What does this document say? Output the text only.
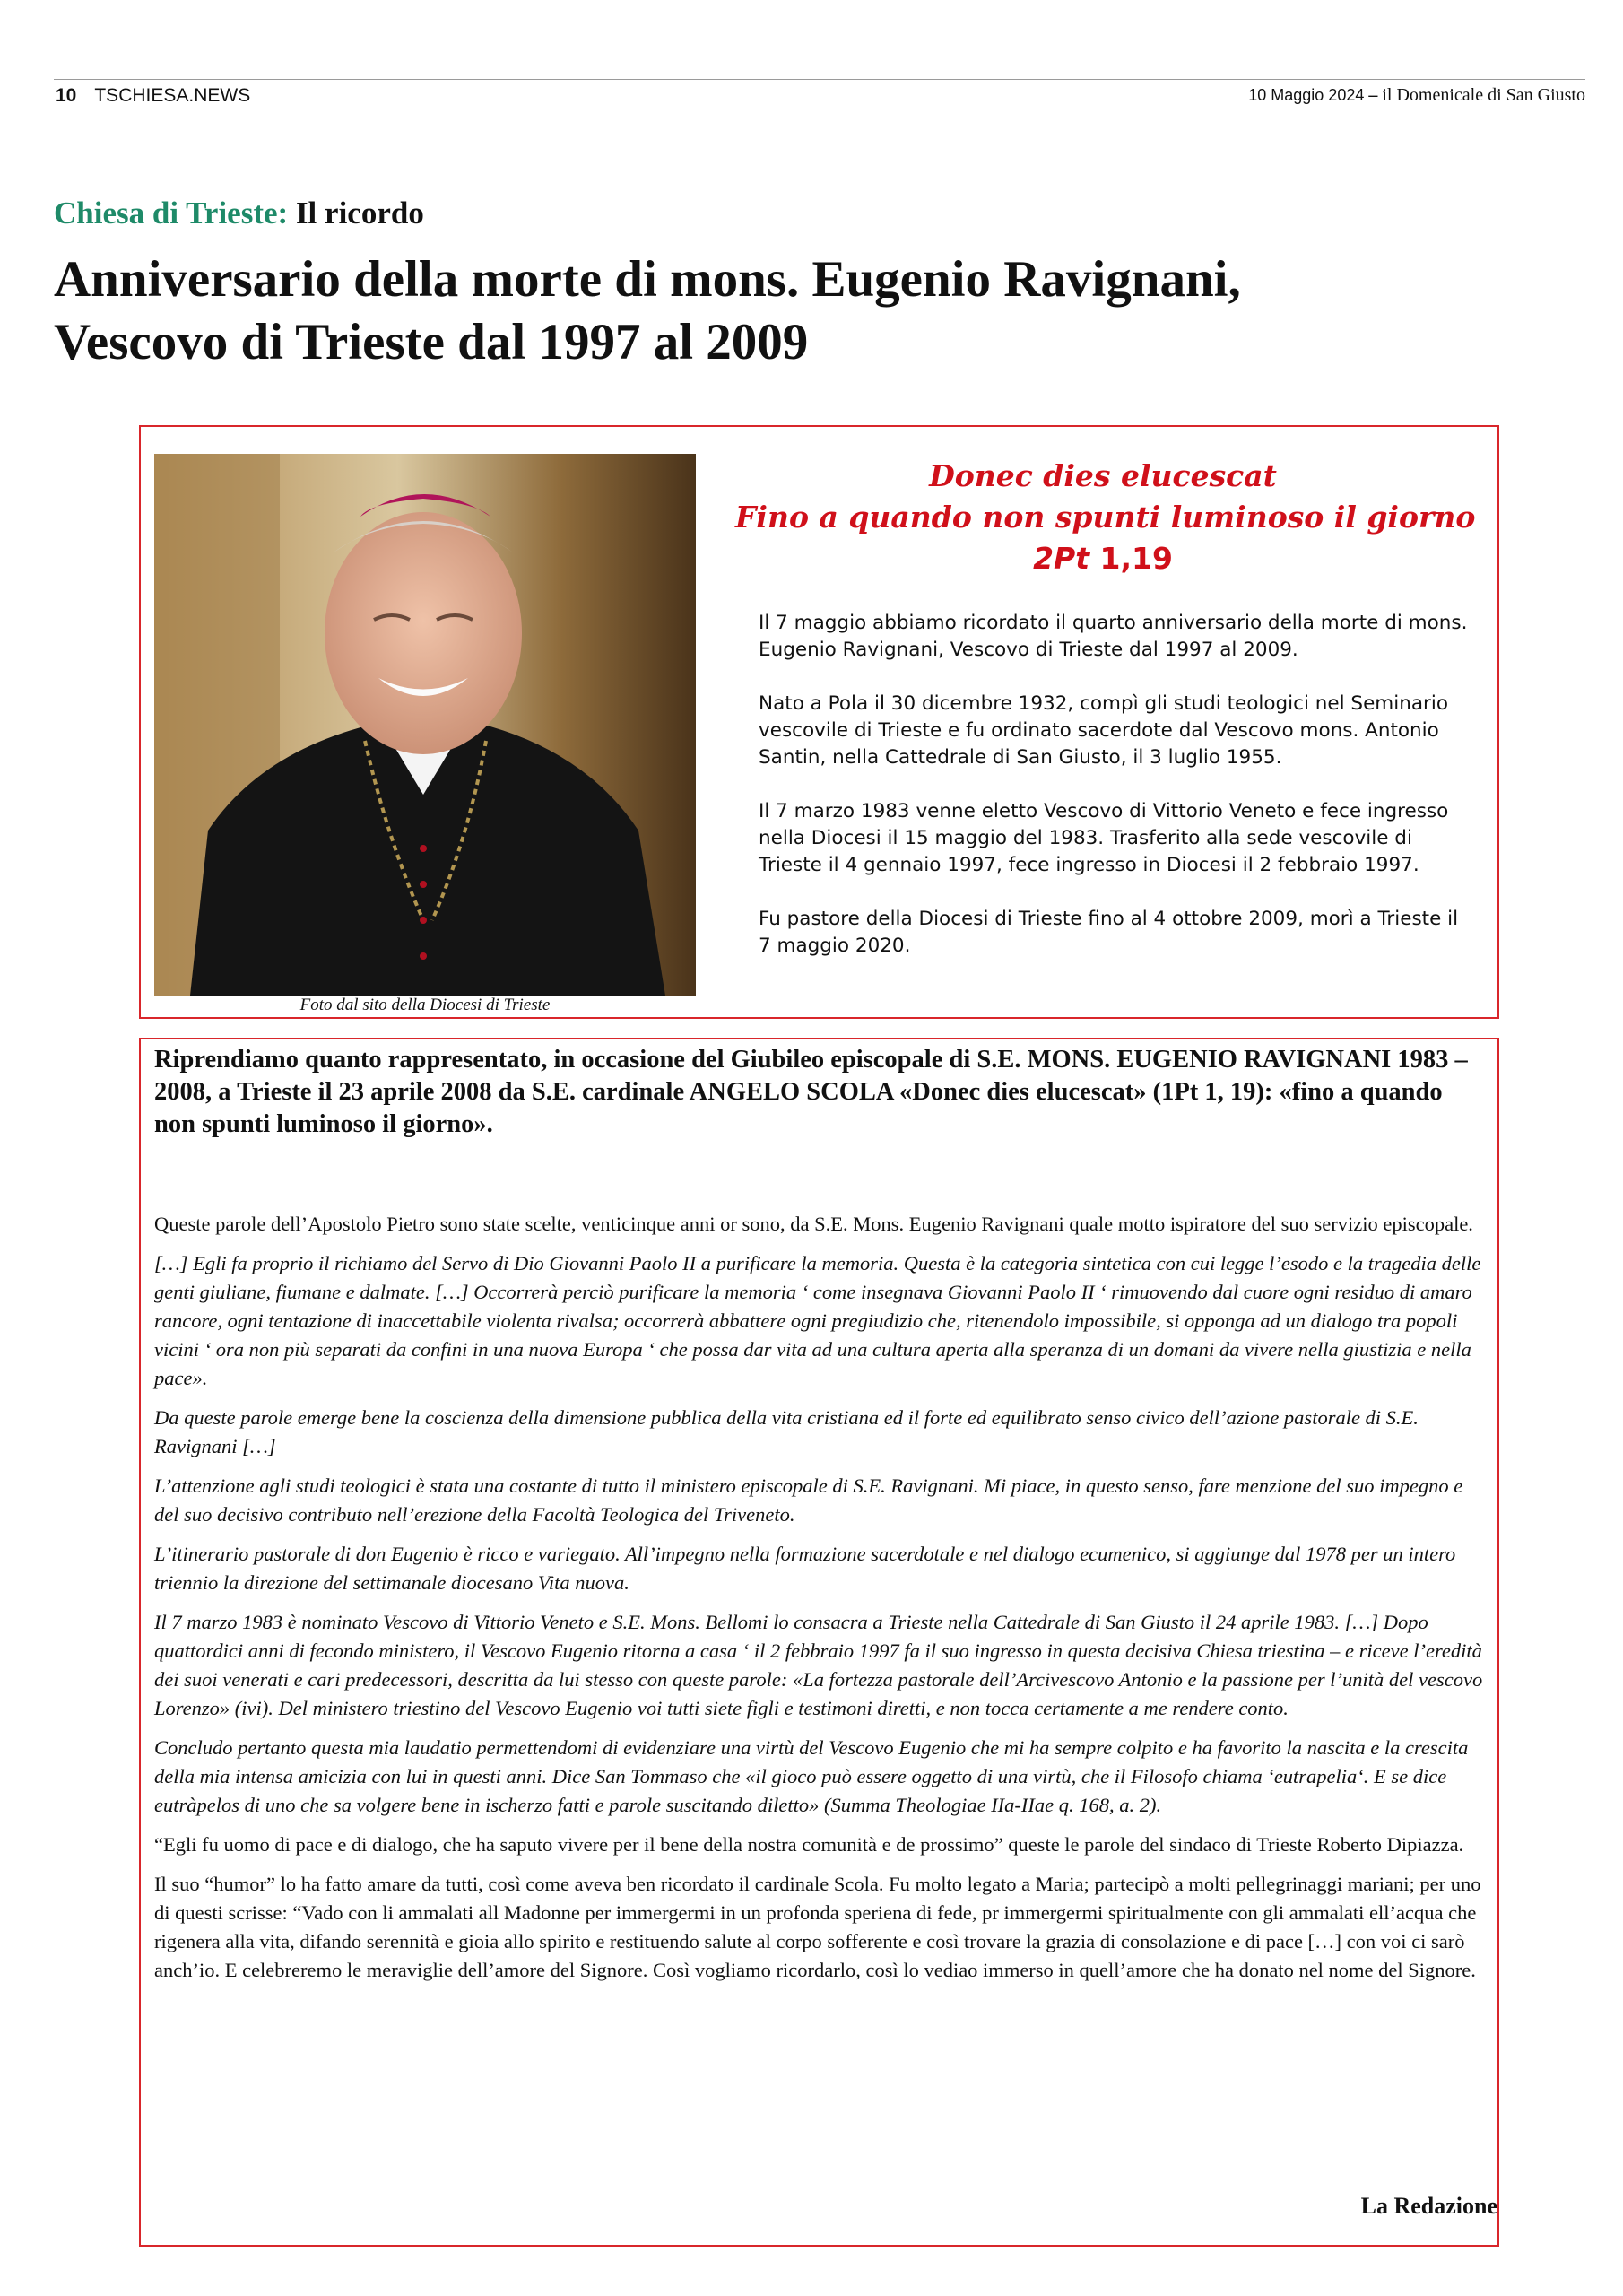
10 TSCHIESA.NEWS	10 Maggio 2024 – il Domenicale di San Giusto
Chiesa di Trieste: Il ricordo
Anniversario della morte di mons. Eugenio Ravignani,
Vescovo di Trieste dal 1997 al 2009
Foto dal sito della Diocesi di Trieste
Donec dies elucescat
Fino a quando non spunti luminoso il giorno
2Pt 1,19

Il 7 maggio abbiamo ricordato il quarto anniversario della morte di mons. Eugenio Ravignani, Vescovo di Trieste dal 1997 al 2009.

Nato a Pola il 30 dicembre 1932, compì gli studi teologici nel Seminario vescovile di Trieste e fu ordinato sacerdote dal Vescovo mons. Antonio Santin, nella Cattedrale di San Giusto, il 3 luglio 1955.

Il 7 marzo 1983 venne eletto Vescovo di Vittorio Veneto e fece ingresso nella Diocesi il 15 maggio del 1983. Trasferito alla sede vescovile di Trieste il 4 gennaio 1997, fece ingresso in Diocesi il 2 febbraio 1997.

Fu pastore della Diocesi di Trieste fino al 4 ottobre 2009, morì a Trieste il 7 maggio 2020.

Riprendiamo quanto rappresentato, in occasione del Giubileo episcopale di S.E. MONS. EUGENIO RAVIGNANI 1983 – 2008, a Trieste il 23 aprile 2008 da S.E. cardinale ANGELO SCOLA «Donec dies elucescat» (1Pt 1, 19): «fino a quando non spunti luminoso il giorno».

Queste parole dell’Apostolo Pietro sono state scelte, venticinque anni or sono, da S.E. Mons. Eugenio Ravignani quale motto ispiratore del suo servizio episcopale.

[…] Egli fa proprio il richiamo del Servo di Dio Giovanni Paolo II a purificare la memoria. Questa è la categoria sintetica con cui legge l’esodo e la tragedia delle genti giuliane, fiumane e dalmate. […] Occorrerà perciò purificare la memoria ‘ come insegnava Giovanni Paolo II ‘ rimuovendo dal cuore ogni residuo di amaro rancore, ogni tentazione di inaccettabile violenta rivalsa; occorrerà abbattere ogni pregiudizio che, ritenendolo impossibile, si opponga ad un dialogo tra popoli vicini ‘ ora non più separati da confini in una nuova Europa ‘ che possa dar vita ad una cultura aperta alla speranza di un domani da vivere nella giustizia e nella pace».

Da queste parole emerge bene la coscienza della dimensione pubblica della vita cristiana ed il forte ed equilibrato senso civico dell’azione pastorale di S.E. Ravignani […]

L’attenzione agli studi teologici è stata una costante di tutto il ministero episcopale di S.E. Ravignani. Mi piace, in questo senso, fare menzione del suo impegno e del suo decisivo contributo nell’erezione della Facoltà Teologica del Triveneto.

L’itinerario pastorale di don Eugenio è ricco e variegato. All’impegno nella formazione sacerdotale e nel dialogo ecumenico, si aggiunge dal 1978 per un intero triennio la direzione del settimanale diocesano Vita nuova.

Il 7 marzo 1983 è nominato Vescovo di Vittorio Veneto e S.E. Mons. Bellomi lo consacra a Trieste nella Cattedrale di San Giusto il 24 aprile 1983. […] Dopo quattordici anni di fecondo ministero, il Vescovo Eugenio ritorna a casa ‘ il 2 febbraio 1997 fa il suo ingresso in questa decisiva Chiesa triestina – e riceve l’eredità dei suoi venerati e cari predecessori, descritta da lui stesso con queste parole: «La fortezza pastorale dell’Arcivescovo Antonio e la passione per l’unità del vescovo Lorenzo» (ivi). Del ministero triestino del Vescovo Eugenio voi tutti siete figli e testimoni diretti, e non tocca certamente a me rendere conto.

Concludo pertanto questa mia laudatio permettendomi di evidenziare una virtù del Vescovo Eugenio che mi ha sempre colpito e ha favorito la nascita e la crescita della mia intensa amicizia con lui in questi anni. Dice San Tommaso che «il gioco può essere oggetto di una virtù, che il Filosofo chiama ‘eutrapelia‘. E se dice eutràpelos di uno che sa volgere bene in ischerzo fatti e parole suscitando diletto» (Summa Theologiae IIa-IIae q. 168, a. 2).

“Egli fu uomo di pace e di dialogo, che ha saputo vivere per il bene della nostra comunità e de prossimo” queste le parole del sindaco di Trieste Roberto Dipiazza.

Il suo “humor” lo ha fatto amare da tutti, così come aveva ben ricordato il cardinale Scola. Fu molto legato a Maria; partecipò a molti pellegrinaggi mariani; per uno di questi scrisse: “Vado con li ammalati all Madonne per immergermi in un profonda sperienа di fede, pr immergermi spiritualmente con gli ammalati ell’acqua che rigenera alla vita, difando serennità e gioia allo spirito e restituendo salute al corpo sofferente e così trovare la grazia di consolazione e di pace […] con voi ci sarò anch’io. E celebreremo le meraviglie dell’amore del Signore. Così vogliamo ricordarlo, così lo vediao immerso in quell’amore che ha donato nel nome del Signore.

La Redazione
